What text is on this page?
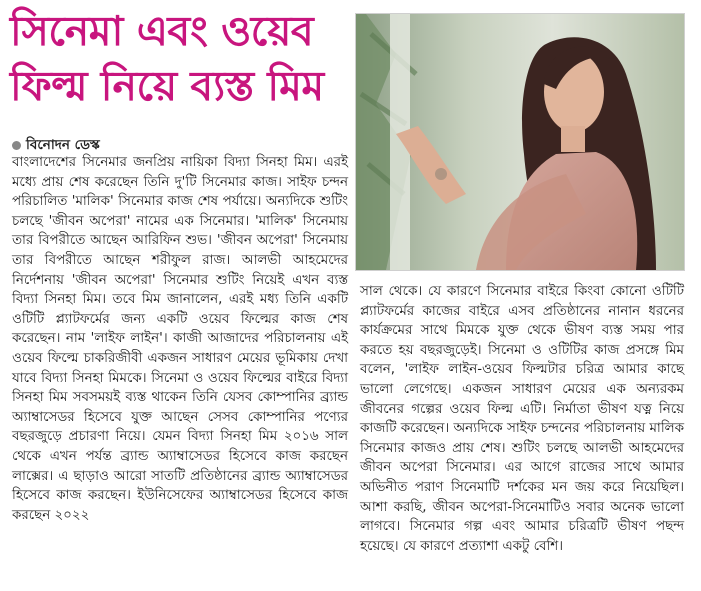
সিনেমা এবং ওয়েব
ফিল্ম নিয়ে ব্যস্ত মিম
বিনোদন ডেস্ক

বাংলাদেশের সিনেমার জনপ্রিয় নায়িকা বিদ্যা সিনহা মিম। এরই মধ্যে প্রায় শেষ করেছেন তিনি দু'টি সিনেমার কাজ। সাইফ চন্দন পরিচালিত 'মালিক' সিনেমার কাজ শেষ পর্যায়ে। অন্যদিকে শুটিং চলছে 'জীবন অপেরা' নামের এক সিনেমার। 'মালিক' সিনেমায় তার বিপরীতে আছেন আরিফিন শুভ। 'জীবন অপেরা' সিনেমায় তার বিপরীতে আছেন শরীফুল রাজ। আলভী আহমেদের নির্দেশনায় 'জীবন অপেরা' সিনেমার শুটিং নিয়েই এখন ব্যস্ত বিদ্যা সিনহা মিম। তবে মিম জানালেন, এরই মধ্য তিনি একটি ওটিটি প্ল্যাটফর্মের জন্য একটি ওয়েব ফিল্মের কাজ শেষ করেছেন। নাম 'লাইফ লাইন'। কাজী আজাদের পরিচালনায় এই ওয়েব ফিল্মে চাকরিজীবী একজন সাধারণ মেয়ের ভূমিকায় দেখা যাবে বিদ্যা সিনহা মিমকে। সিনেমা ও ওয়েব ফিল্মের বাইরে বিদ্যা সিনহা মিম সবসময়ই ব্যস্ত থাকেন তিনি যেসব কোম্পানির ব্র্যান্ড অ্যাম্বাসেডর হিসেবে যুক্ত আছেন সেসব কোম্পানির পণ্যের বছরজুড়ে প্রচারণা নিয়ে। যেমন বিদ্যা সিনহা মিম ২০১৬ সাল থেকে এখন পর্যন্ত ব্র্যান্ড অ্যাম্বাসেডর হিসেবে কাজ করছেন লাক্সের। এ ছাড়াও আরো সাতটি প্রতিষ্ঠানের ব্র্যান্ড অ্যাম্বাসেডর হিসেবে কাজ করছেন। ইউনিসেফের অ্যাম্বাসেডর হিসেবে কাজ করছেন ২০২২

সাল থেকে। যে কারণে সিনেমার বাইরে কিংবা কোনো ওটিটি প্ল্যাটফর্মের কাজের বাইরে এসব প্রতিষ্ঠানের নানান ধরনের কার্যক্রমের সাথে মিমকে যুক্ত থেকে ভীষণ ব্যস্ত সময় পার করতে হয় বছরজুড়েই। সিনেমা ও ওটিটির কাজ প্রসঙ্গে মিম বলেন, 'লাইফ লাইন-ওয়েব ফিল্মটার চরিত্র আমার কাছে ভালো লেগেছে। একজন সাধারণ মেয়ের এক অন্যরকম জীবনের গল্পের ওয়েব ফিল্ম এটি। নির্মাতা ভীষণ যত্ন নিয়ে কাজটি করেছেন। অন্যদিকে সাইফ চন্দনের পরিচালনায় মালিক সিনেমার কাজও প্রায় শেষ। শুটিং চলছে আলভী আহমেদের জীবন অপেরা সিনেমার। এর আগে রাজের সাথে আমার অভিনীত পরাণ সিনেমাটি দর্শকের মন জয় করে নিয়েছিল। আশা করছি, জীবন অপেরা-সিনেমাটিও সবার অনেক ভালো লাগবে। সিনেমার গল্প এবং আমার চরিত্রটি ভীষণ পছন্দ হয়েছে। যে কারণে প্রত্যাশা একটু বেশি।
